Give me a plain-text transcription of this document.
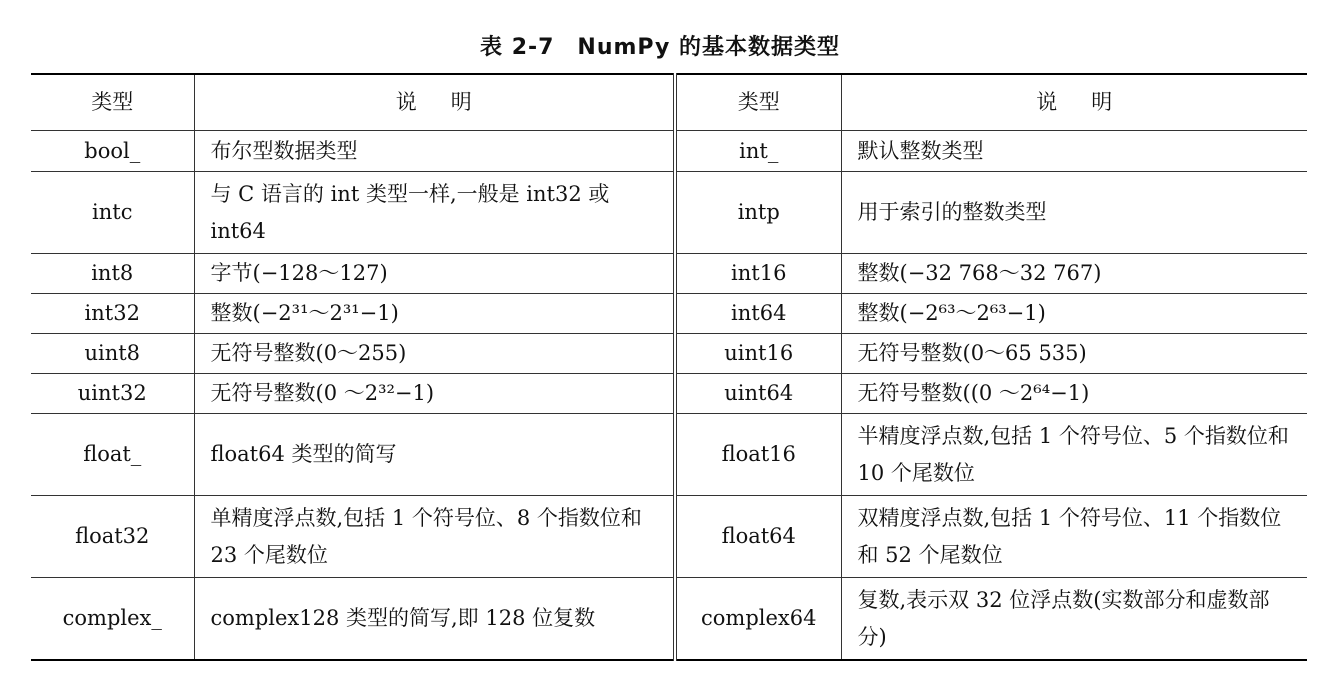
表 2-7　NumPy 的基本数据类型
类型	说明	类型	说明
bool_	布尔型数据类型	int_	默认整数类型
intc	与 C 语言的 int 类型一样,一般是 int32 或 int64	intp	用于索引的整数类型
int8	字节(−128～127)	int16	整数(−32 768～32 767)
int32	整数(−2³¹～2³¹−1)	int64	整数(−2⁶³～2⁶³−1)
uint8	无符号整数(0～255)	uint16	无符号整数(0～65 535)
uint32	无符号整数(0 ～2³²−1)	uint64	无符号整数((0 ～2⁶⁴−1)
float_	float64 类型的简写	float16	半精度浮点数,包括 1 个符号位、5 个指数位和 10 个尾数位
float32	单精度浮点数,包括 1 个符号位、8 个指数位和 23 个尾数位	float64	双精度浮点数,包括 1 个符号位、11 个指数位和 52 个尾数位
complex_	complex128 类型的简写,即 128 位复数	complex64	复数,表示双 32 位浮点数(实数部分和虚数部分)
